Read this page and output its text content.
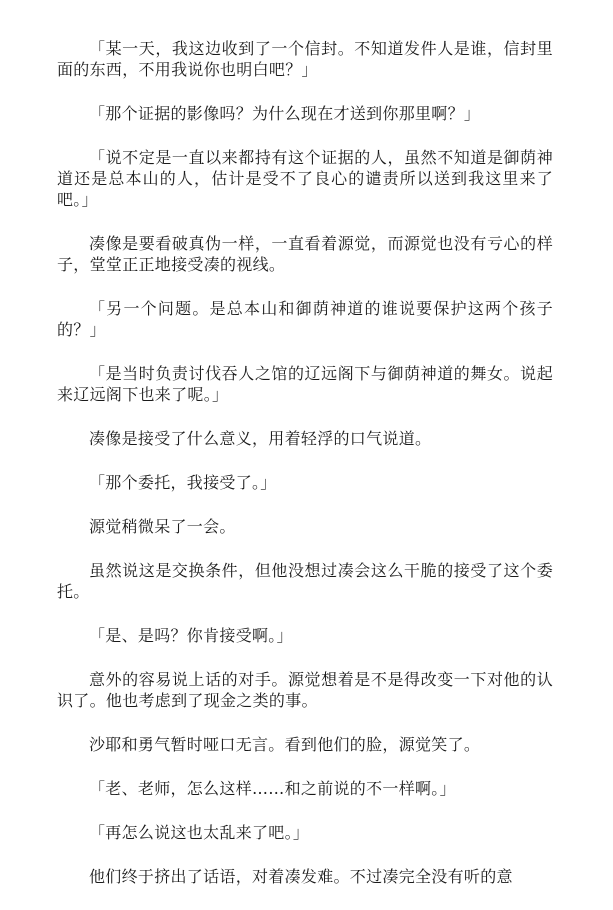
「某一天，我这边收到了一个信封。不知道发件人是谁，信封里面的东西，不用我说你也明白吧？」

「那个证据的影像吗？为什么现在才送到你那里啊？」

「说不定是一直以来都持有这个证据的人，虽然不知道是御荫神道还是总本山的人，估计是受不了良心的谴责所以送到我这里来了吧。」

凑像是要看破真伪一样，一直看着源觉，而源觉也没有亏心的样子，堂堂正正地接受凑的视线。

「另一个问题。是总本山和御荫神道的谁说要保护这两个孩子的？」

「是当时负责讨伐吞人之馆的辽远阁下与御荫神道的舞女。说起来辽远阁下也来了呢。」

凑像是接受了什么意义，用着轻浮的口气说道。

「那个委托，我接受了。」

源觉稍微呆了一会。

虽然说这是交换条件，但他没想过凑会这么干脆的接受了这个委托。

「是、是吗？你肯接受啊。」

意外的容易说上话的对手。源觉想着是不是得改变一下对他的认识了。他也考虑到了现金之类的事。

沙耶和勇气暂时哑口无言。看到他们的脸，源觉笑了。

「老、老师，怎么这样……和之前说的不一样啊。」

「再怎么说这也太乱来了吧。」

他们终于挤出了话语，对着凑发难。不过凑完全没有听的意
